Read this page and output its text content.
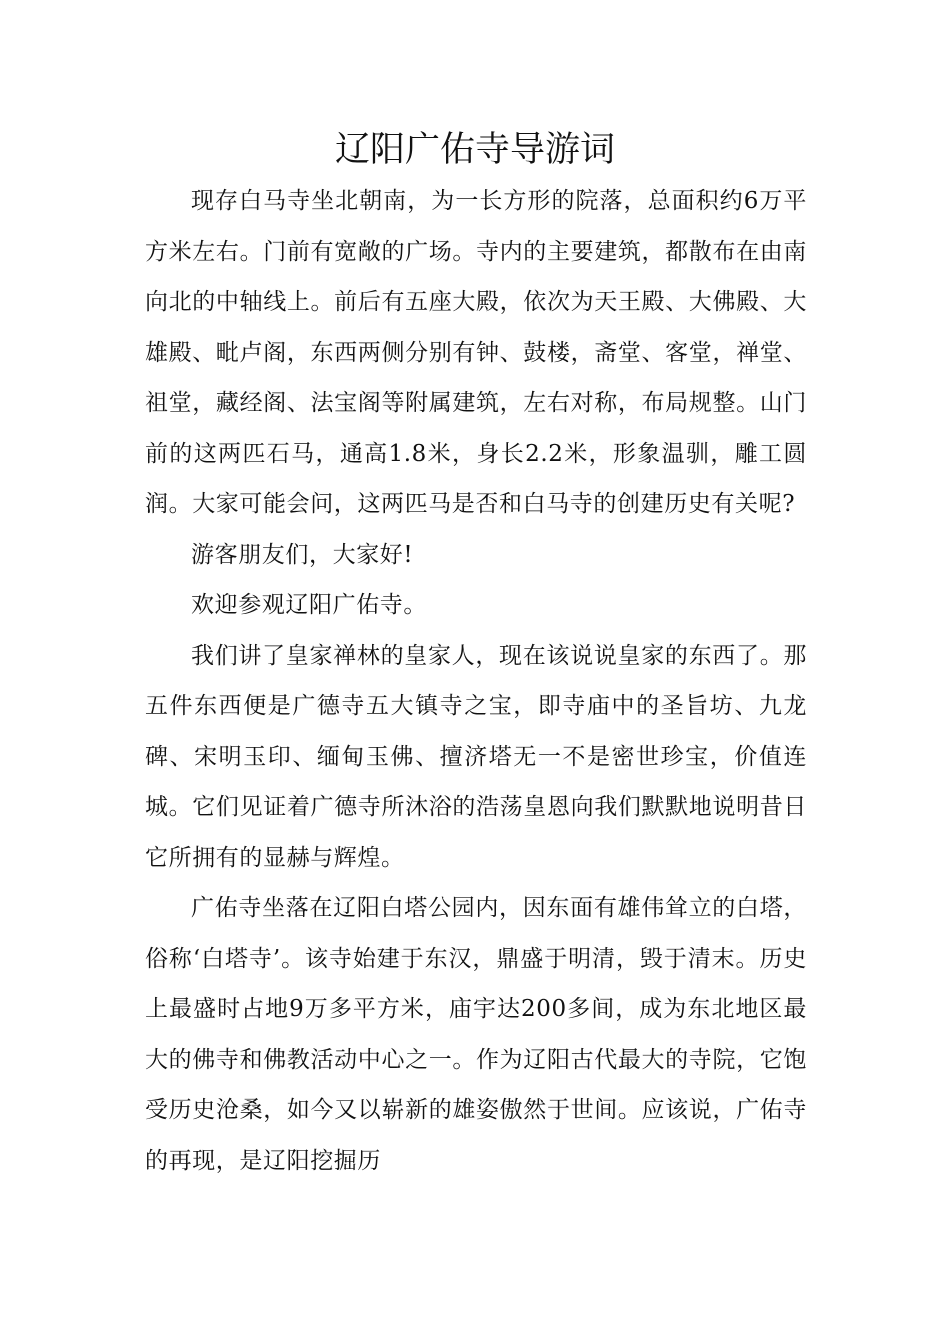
辽阳广佑寺导游词

现存白马寺坐北朝南，为一长方形的院落，总面积约6万平方米左右。门前有宽敞的广场。寺内的主要建筑，都散布在由南向北的中轴线上。前后有五座大殿，依次为天王殿、大佛殿、大雄殿、毗卢阁，东西两侧分别有钟、鼓楼，斋堂、客堂，禅堂、祖堂，藏经阁、法宝阁等附属建筑，左右对称，布局规整。山门前的这两匹石马，通高1.8米，身长2.2米，形象温驯，雕工圆润。大家可能会问，这两匹马是否和白马寺的创建历史有关呢?

游客朋友们，大家好!

欢迎参观辽阳广佑寺。

我们讲了皇家禅林的皇家人，现在该说说皇家的东西了。那五件东西便是广德寺五大镇寺之宝，即寺庙中的圣旨坊、九龙碑、宋明玉印、缅甸玉佛、擅济塔无一不是密世珍宝，价值连城。它们见证着广德寺所沐浴的浩荡皇恩向我们默默地说明昔日它所拥有的显赫与辉煌。

广佑寺坐落在辽阳白塔公园内，因东面有雄伟耸立的白塔，俗称‘白塔寺’。该寺始建于东汉，鼎盛于明清，毁于清末。历史上最盛时占地9万多平方米，庙宇达200多间，成为东北地区最大的佛寺和佛教活动中心之一。作为辽阳古代最大的寺院，它饱受历史沧桑，如今又以崭新的雄姿傲然于世间。应该说，广佑寺的再现，是辽阳挖掘历
